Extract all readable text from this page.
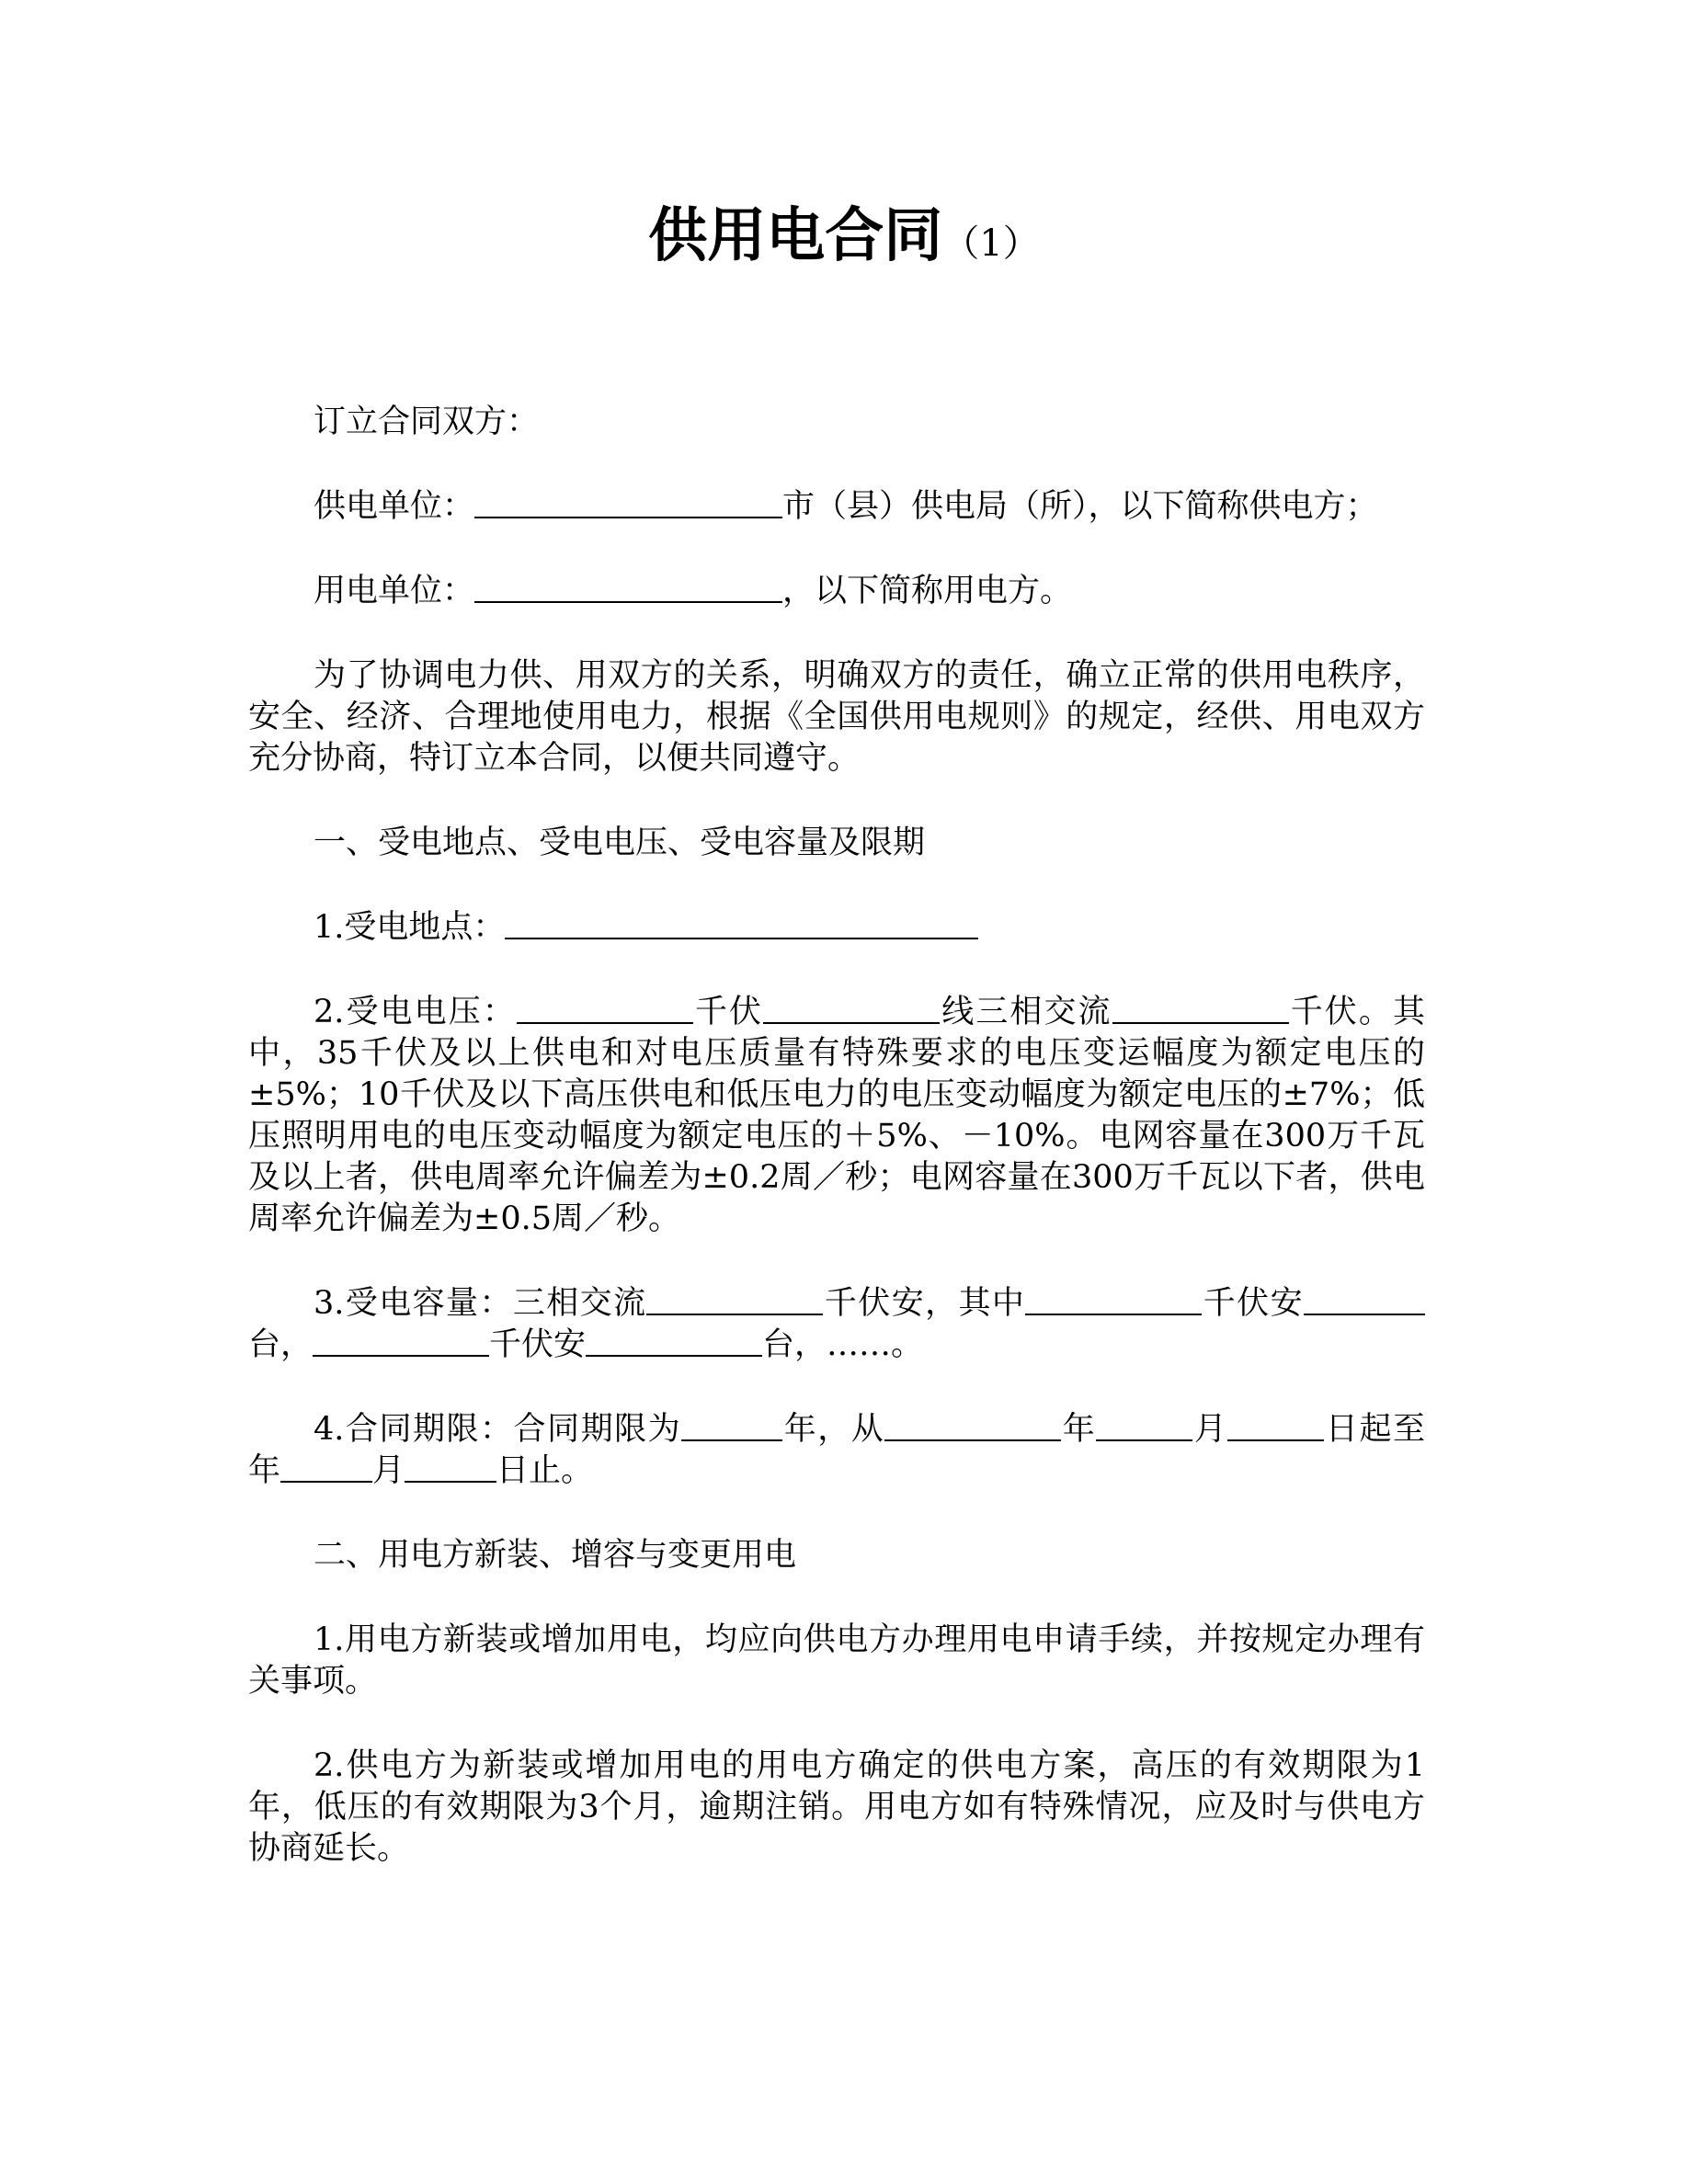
供用电合同（1）

订立合同双方：

供电单位：	市（县）供电局（所），以下简称供电方；

用电单位：	，以下简称用电方。

为了协调电力供、用双方的关系，明确双方的责任，确立正常的供用电秩序，安全、经济、合理地使用电力，根据《全国供用电规则》的规定，经供、用电双方充分协商，特订立本合同，以便共同遵守。

一、受电地点、受电电压、受电容量及限期

1.受电地点：

2.受电电压：	千伏	线三相交流	千伏。其中，35千伏及以上供电和对电压质量有特殊要求的电压变运幅度为额定电压的±5%；10千伏及以下高压供电和低压电力的电压变动幅度为额定电压的±7%；低压照明用电的电压变动幅度为额定电压的＋5%、－10%。电网容量在300万千瓦及以上者，供电周率允许偏差为±0.2周／秒；电网容量在300万千瓦以下者，供电周率允许偏差为±0.5周／秒。

3.受电容量：三相交流	千伏安，其中	千伏安台，	千伏安	台，……。

4.合同期限：合同期限为	年，从	年	月	日起至年	月	日止。

二、用电方新装、增容与变更用电

1.用电方新装或增加用电，均应向供电方办理用电申请手续，并按规定办理有关事项。

2.供电方为新装或增加用电的用电方确定的供电方案，高压的有效期限为1年，低压的有效期限为3个月，逾期注销。用电方如有特殊情况，应及时与供电方协商延长。
